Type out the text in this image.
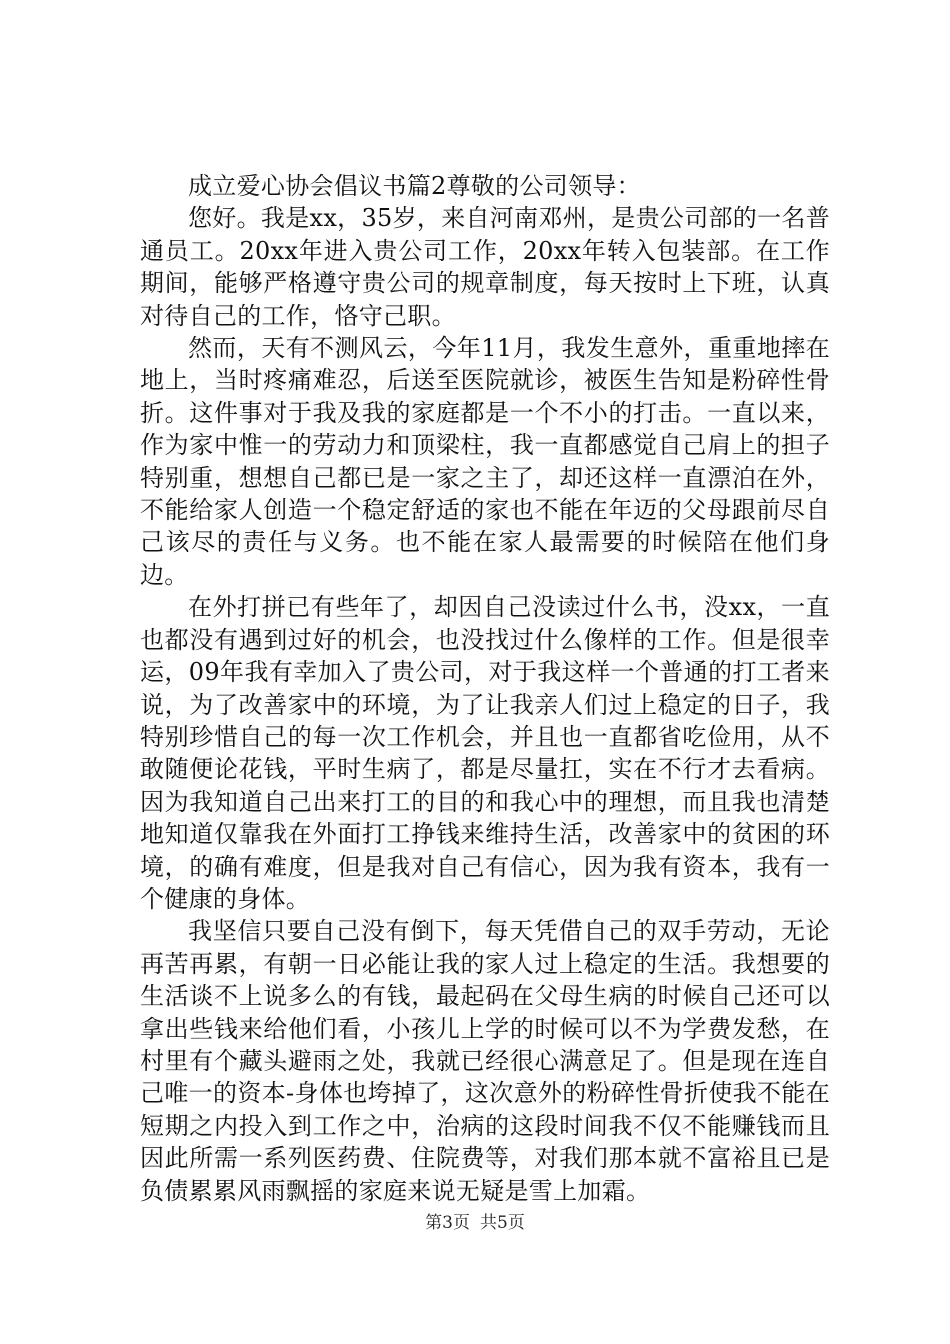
成立爱心协会倡议书篇2尊敬的公司领导：

您好。我是xx，35岁，来自河南邓州，是贵公司部的一名普通员工。20xx年进入贵公司工作，20xx年转入包装部。在工作期间，能够严格遵守贵公司的规章制度，每天按时上下班，认真对待自己的工作，恪守己职。

然而，天有不测风云，今年11月，我发生意外，重重地摔在地上，当时疼痛难忍，后送至医院就诊，被医生告知是粉碎性骨折。这件事对于我及我的家庭都是一个不小的打击。一直以来，作为家中惟一的劳动力和顶梁柱，我一直都感觉自己肩上的担子特别重，想想自己都已是一家之主了，却还这样一直漂泊在外，不能给家人创造一个稳定舒适的家也不能在年迈的父母跟前尽自己该尽的责任与义务。也不能在家人最需要的时候陪在他们身边。

在外打拼已有些年了，却因自己没读过什么书，没xx，一直也都没有遇到过好的机会，也没找过什么像样的工作。但是很幸运，09年我有幸加入了贵公司，对于我这样一个普通的打工者来说，为了改善家中的环境，为了让我亲人们过上稳定的日子，我特别珍惜自己的每一次工作机会，并且也一直都省吃俭用，从不敢随便论花钱，平时生病了，都是尽量扛，实在不行才去看病。因为我知道自己出来打工的目的和我心中的理想，而且我也清楚地知道仅靠我在外面打工挣钱来维持生活，改善家中的贫困的环境，的确有难度，但是我对自己有信心，因为我有资本，我有一个健康的身体。

我坚信只要自己没有倒下，每天凭借自己的双手劳动，无论再苦再累，有朝一日必能让我的家人过上稳定的生活。我想要的生活谈不上说多么的有钱，最起码在父母生病的时候自己还可以拿出些钱来给他们看，小孩儿上学的时候可以不为学费发愁，在村里有个藏头避雨之处，我就已经很心满意足了。但是现在连自己唯一的资本-身体也垮掉了，这次意外的粉碎性骨折使我不能在短期之内投入到工作之中，治病的这段时间我不仅不能赚钱而且因此所需一系列医药费、住院费等，对我们那本就不富裕且已是负债累累风雨飘摇的家庭来说无疑是雪上加霜。

第3页 共5页
